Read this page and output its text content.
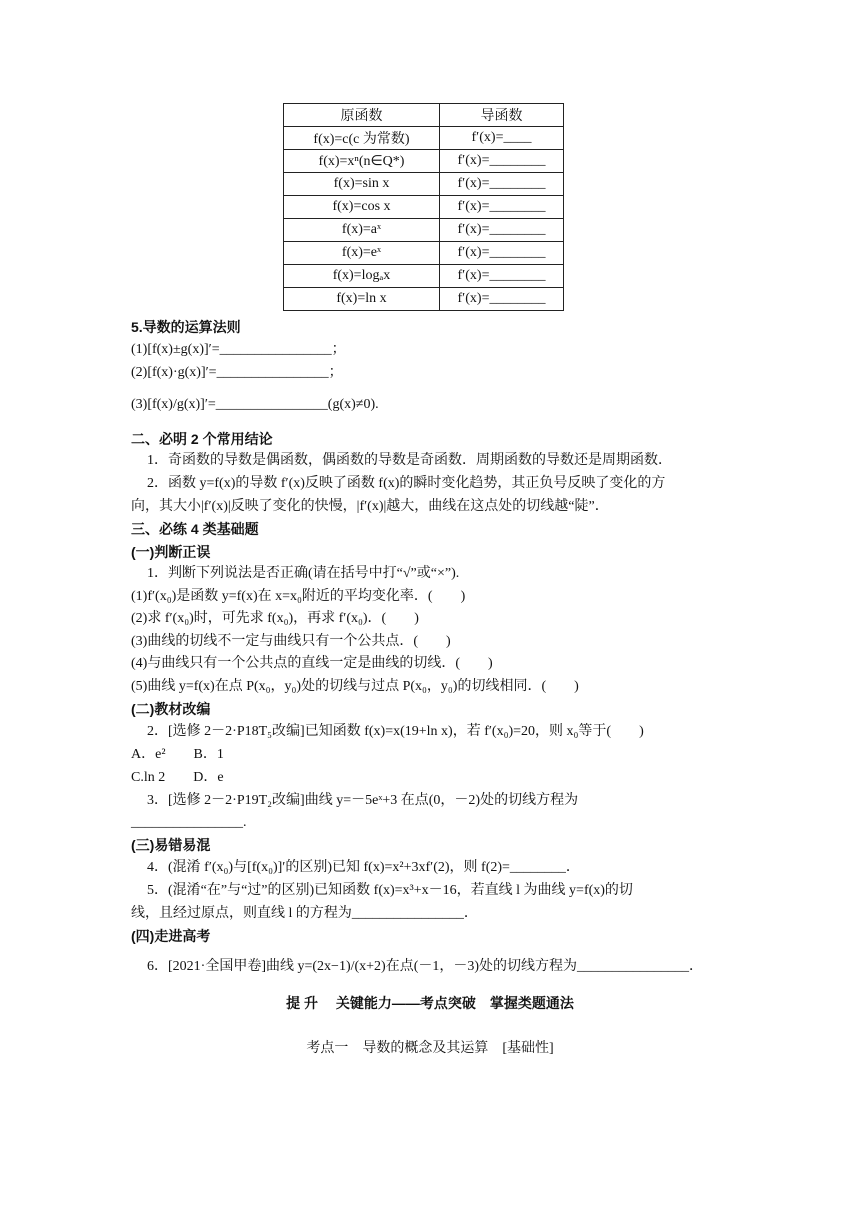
原函数	导函数
f(x)=c(c 为常数)	f′(x)=____
f(x)=xⁿ(n∈Q*)	f′(x)=________
f(x)=sin x	f′(x)=________
f(x)=cos x	f′(x)=________
f(x)=aˣ	f′(x)=________
f(x)=eˣ	f′(x)=________
f(x)=logₐx	f′(x)=________
f(x)=ln x	f′(x)=________
5.导数的运算法则
(1)[f(x)±g(x)]′=________________；
(2)[f(x)·g(x)]′=________________；
(3)[f(x)/g(x)]′=________________(g(x)≠0).
二、必明 2 个常用结论
1．奇函数的导数是偶函数，偶函数的导数是奇函数．周期函数的导数还是周期函数．
2．函数 y=f(x)的导数 f′(x)反映了函数 f(x)的瞬时变化趋势，其正负号反映了变化的方
向，其大小|f′(x)|反映了变化的快慢，|f′(x)|越大，曲线在这点处的切线越“陡”．
三、必练 4 类基础题
(一)判断正误
1．判断下列说法是否正确(请在括号中打“√”或“×”).
(1)f′(x₀)是函数 y=f(x)在 x=x₀附近的平均变化率．(　　)
(2)求 f′(x₀)时，可先求 f(x₀)，再求 f′(x₀)．(　　)
(3)曲线的切线不一定与曲线只有一个公共点．(　　)
(4)与曲线只有一个公共点的直线一定是曲线的切线．(　　)
(5)曲线 y=f(x)在点 P(x₀，y₀)处的切线与过点 P(x₀，y₀)的切线相同．(　　)
(二)教材改编
2．[选修 2－2·P18T₅改编]已知函数 f(x)=x(19+ln x)，若 f′(x₀)=20，则 x₀等于(　　)
A．e²　　B．1
C.ln 2　　D．e
3．[选修 2－2·P19T₂改编]曲线 y=－5eˣ+3 在点(0，－2)处的切线方程为
________________.
(三)易错易混
4．(混淆 f′(x₀)与[f(x₀)]′的区别)已知 f(x)=x²+3xf′(2)，则 f(2)=________．
5．(混淆“在”与“过”的区别)已知函数 f(x)=x³+x－16，若直线 l 为曲线 y=f(x)的切
线，且经过原点，则直线 l 的方程为________________．
(四)走进高考
6．[2021·全国甲卷]曲线 y=(2x−1)/(x+2)在点(－1，－3)处的切线方程为________________．
提 升　 关键能力——考点突破　掌握类题通法
考点一　导数的概念及其运算　[基础性]
